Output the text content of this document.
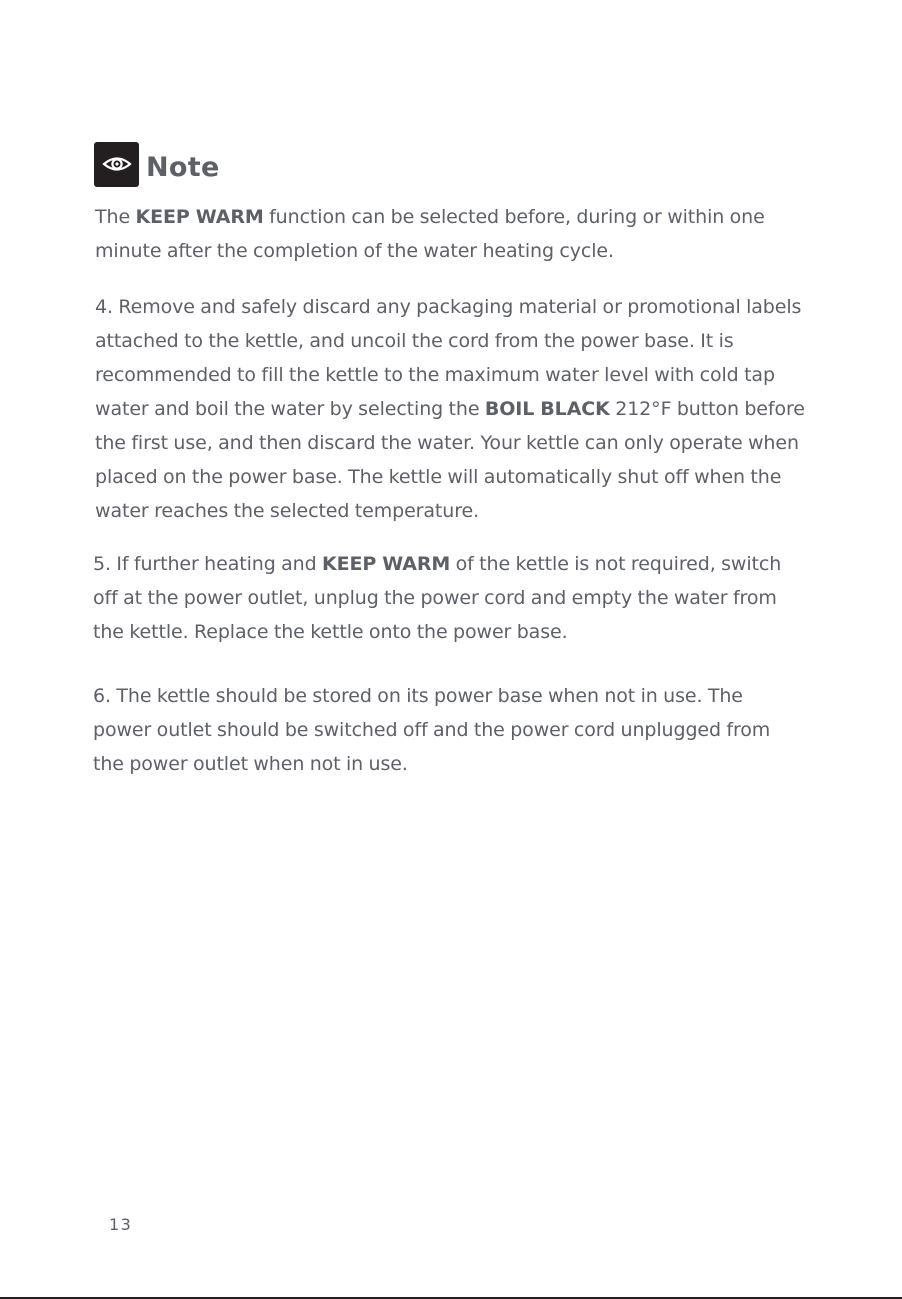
Note
The KEEP WARM function can be selected before, during or within one
minute after the completion of the water heating cycle.
4. Remove and safely discard any packaging material or promotional labels
attached to the kettle, and uncoil the cord from the power base. It is
recommended to fill the kettle to the maximum water level with cold tap
water and boil the water by selecting the BOIL BLACK 212°F button before
the first use, and then discard the water. Your kettle can only operate when
placed on the power base. The kettle will automatically shut off when the
water reaches the selected temperature.
5. If further heating and KEEP WARM of the kettle is not required, switch
off at the power outlet, unplug the power cord and empty the water from
the kettle. Replace the kettle onto the power base.
6. The kettle should be stored on its power base when not in use. The
power outlet should be switched off and the power cord unplugged from
the power outlet when not in use.
13
